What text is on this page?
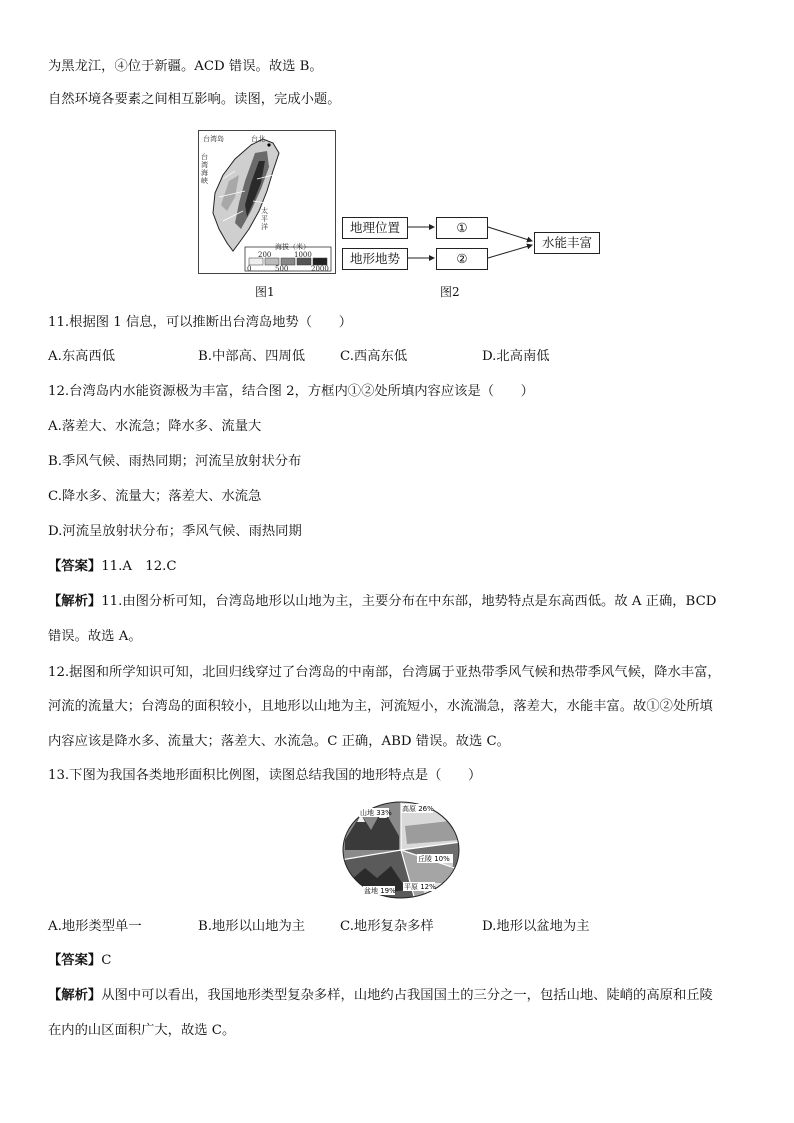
为黑龙江，④位于新疆。ACD 错误。故选 B。
自然环境各要素之间相互影响。读图，完成小题。
台湾岛	台北
台湾海峡
太平洋
海拔（米）
200	1000
0	500	2000
图1
地理位置
地形地势
①
②
水能丰富
图2
11.根据图 1 信息，可以推断出台湾岛地势（　　）
A.东高西低	B.中部高、四周低	C.西高东低	D.北高南低
12.台湾岛内水能资源极为丰富，结合图 2，方框内①②处所填内容应该是（　　）
A.落差大、水流急；降水多、流量大
B.季风气候、雨热同期；河流呈放射状分布
C.降水多、流量大；落差大、水流急
D.河流呈放射状分布；季风气候、雨热同期
【答案】11.A　12.C
【解析】11.由图分析可知，台湾岛地形以山地为主，主要分布在中东部，地势特点是东高西低。故 A 正确，BCD
错误。故选 A。
12.据图和所学知识可知，北回归线穿过了台湾岛的中南部，台湾属于亚热带季风气候和热带季风气候，降水丰富，
河流的流量大；台湾岛的面积较小，且地形以山地为主，河流短小，水流湍急，落差大，水能丰富。故①②处所填
内容应该是降水多、流量大；落差大、水流急。C 正确，ABD 错误。故选 C。
13.下图为我国各类地形面积比例图，读图总结我国的地形特点是（　　）
山地 33% 高原 26%
丘陵 10%
平原 12%
盆地 19%
A.地形类型单一	B.地形以山地为主	C.地形复杂多样	D.地形以盆地为主
【答案】C
【解析】从图中可以看出，我国地形类型复杂多样，山地约占我国国土的三分之一，包括山地、陡峭的高原和丘陵
在内的山区面积广大，故选 C。
